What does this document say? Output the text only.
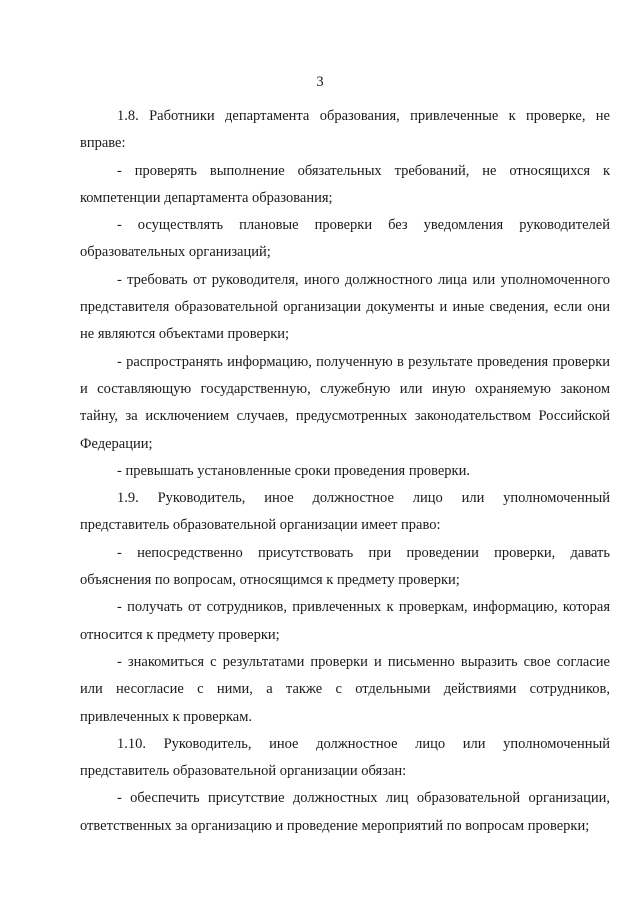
3

1.8. Работники департамента образования, привлеченные к проверке, не вправе:

- проверять выполнение обязательных требований, не относящихся к компетенции департамента образования;

- осуществлять плановые проверки без уведомления руководителей образовательных организаций;

- требовать от руководителя, иного должностного лица или уполномоченного представителя образовательной организации документы и иные сведения, если они не являются объектами проверки;

- распространять информацию, полученную в результате проведения проверки и составляющую государственную, служебную или иную охраняемую законом тайну, за исключением случаев, предусмотренных законодательством Российской Федерации;

- превышать установленные сроки проведения проверки.

1.9. Руководитель, иное должностное лицо или уполномоченный представитель образовательной организации имеет право:

- непосредственно присутствовать при проведении проверки, давать объяснения по вопросам, относящимся к предмету проверки;

- получать от сотрудников, привлеченных к проверкам, информацию, которая относится к предмету проверки;

- знакомиться с результатами проверки и письменно выразить свое согласие или несогласие с ними, а также с отдельными действиями сотрудников, привлеченных к проверкам.

1.10. Руководитель, иное должностное лицо или уполномоченный представитель образовательной организации обязан:

- обеспечить присутствие должностных лиц образовательной организации, ответственных за организацию и проведение мероприятий по вопросам проверки;
